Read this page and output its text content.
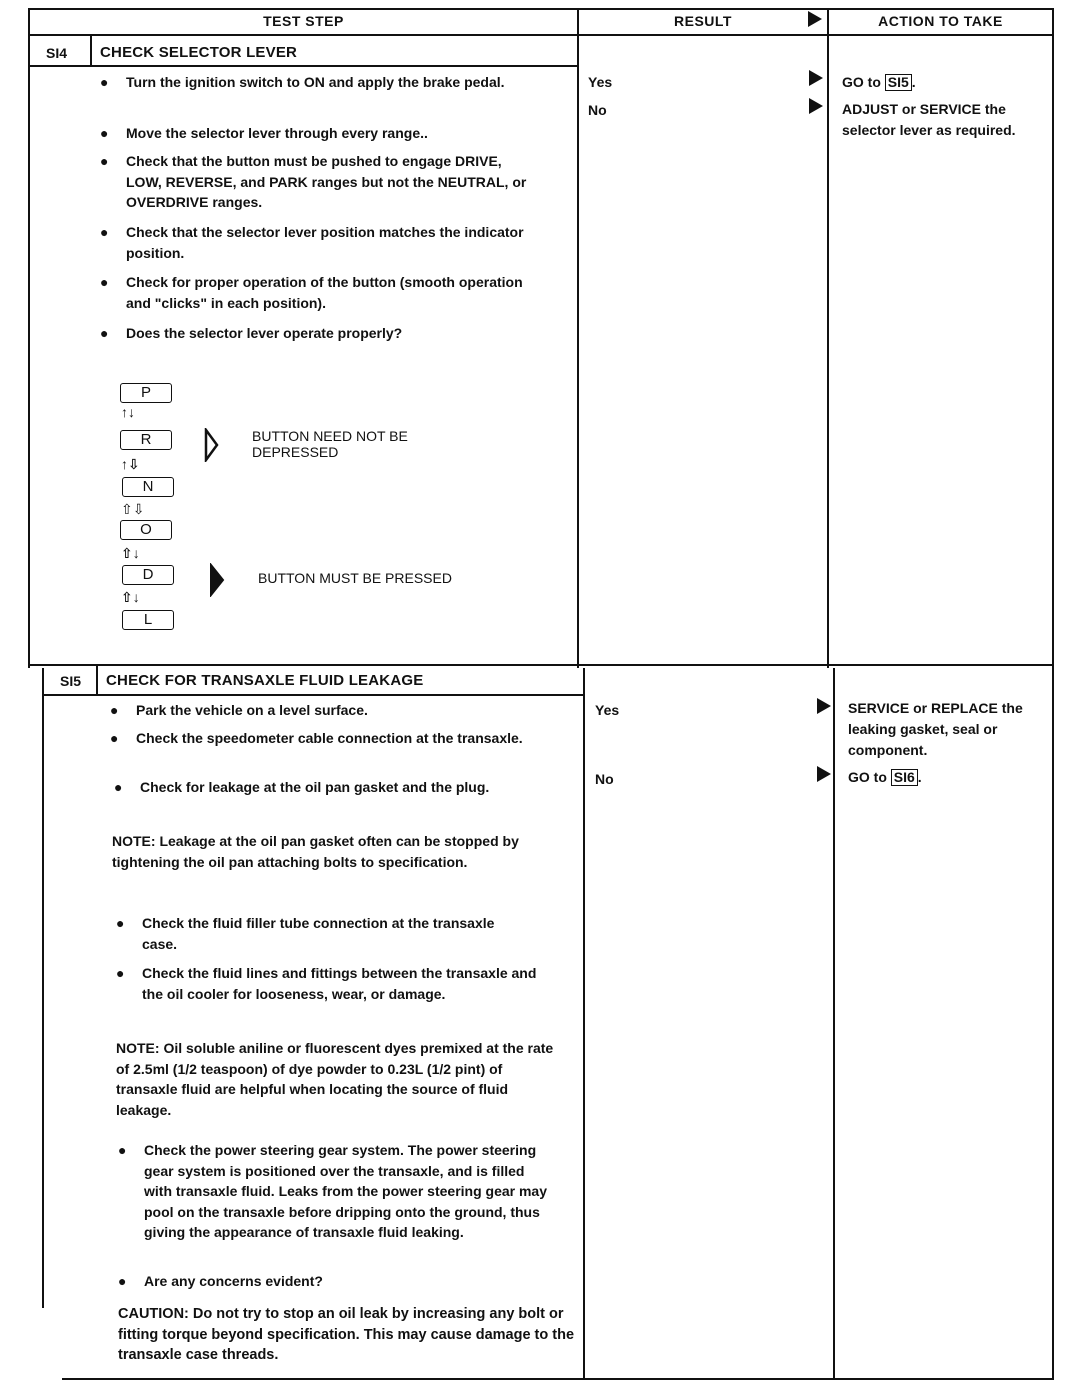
TEST STEP	RESULT	ACTION TO TAKE
SI4 CHECK SELECTOR LEVER
● Turn the ignition switch to ON and apply the brake pedal.
● Move the selector lever through every range..
● Check that the button must be pushed to engage DRIVE, LOW, REVERSE, and PARK ranges but not the NEUTRAL, or OVERDRIVE ranges.
● Check that the selector lever position matches the indicator position.
● Check for proper operation of the button (smooth operation and "clicks" in each position).
● Does the selector lever operate properly?
P
↑↓
R
↑⇩
N
⇧⇩
O
⇧↓
D
⇧↓
L
BUTTON NEED NOT BE DEPRESSED
BUTTON MUST BE PRESSED
Yes
No
GO to SI5 .
ADJUST or SERVICE the selector lever as required.
SI5 CHECK FOR TRANSAXLE FLUID LEAKAGE
● Park the vehicle on a level surface.
● Check the speedometer cable connection at the transaxle.
● Check for leakage at the oil pan gasket and the plug.
NOTE: Leakage at the oil pan gasket often can be stopped by tightening the oil pan attaching bolts to specification.
● Check the fluid filler tube connection at the transaxle case.
● Check the fluid lines and fittings between the transaxle and the oil cooler for looseness, wear, or damage.
NOTE: Oil soluble aniline or fluorescent dyes premixed at the rate of 2.5ml (1/2 teaspoon) of dye powder to 0.23L (1/2 pint) of transaxle fluid are helpful when locating the source of fluid leakage.
● Check the power steering gear system. The power steering gear system is positioned over the transaxle, and is filled with transaxle fluid. Leaks from the power steering gear may pool on the transaxle before dripping onto the ground, thus giving the appearance of transaxle fluid leaking.
● Are any concerns evident?
CAUTION: Do not try to stop an oil leak by increasing any bolt or fitting torque beyond specification. This may cause damage to the transaxle case threads.
Yes
No
SERVICE or REPLACE the leaking gasket, seal or component.
GO to SI6 .
